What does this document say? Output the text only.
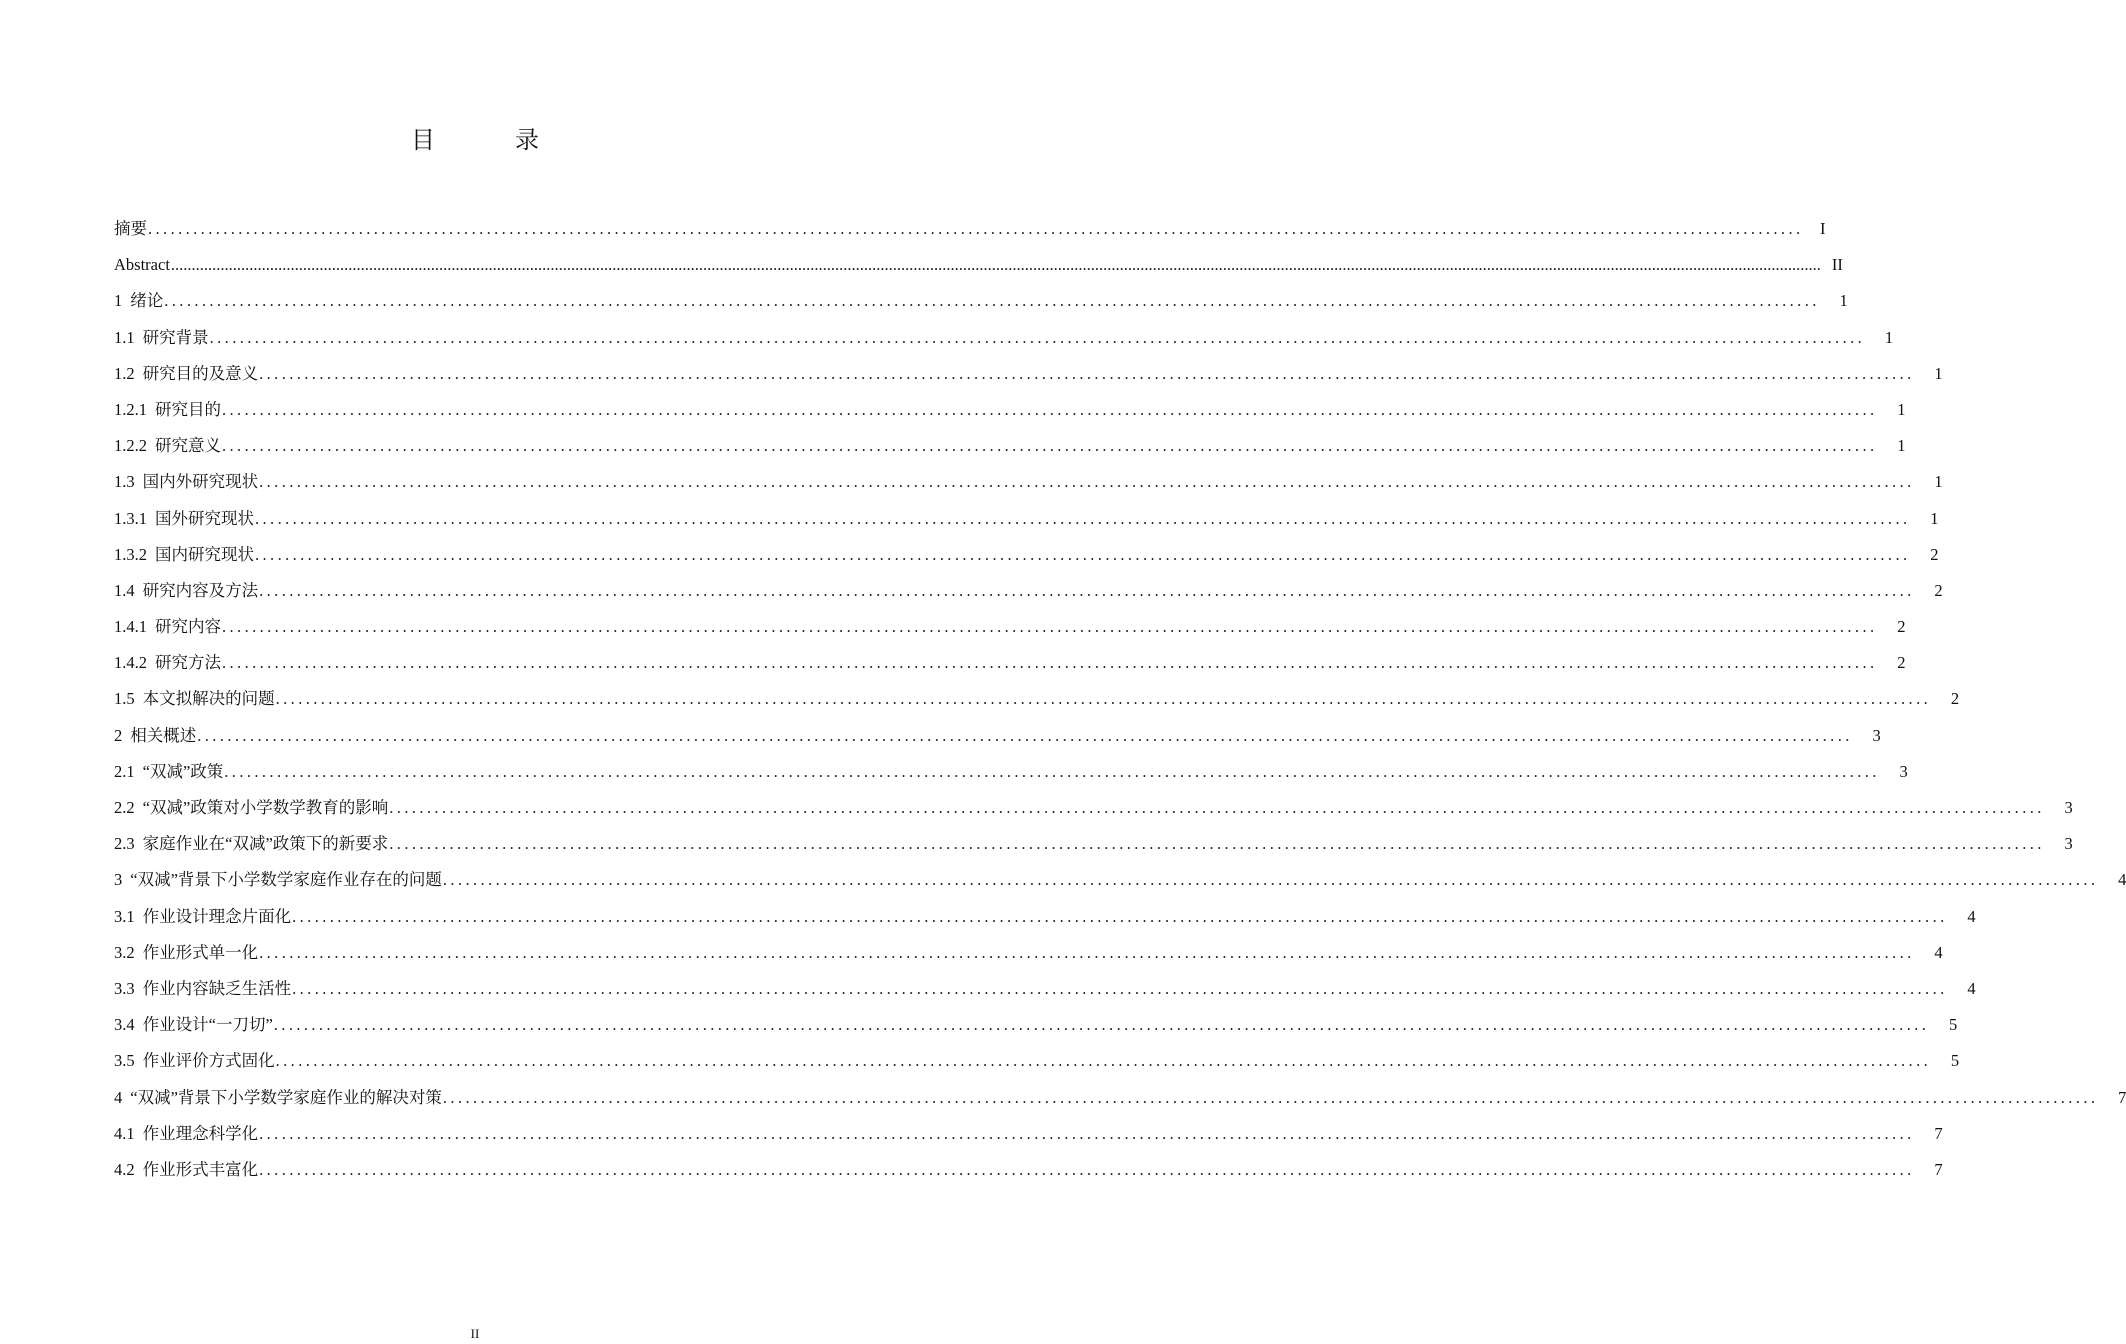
目　录
摘要 ............................................................................................................................................................................................................................	I
Abstract ................................................................................................................................................................................................................................................................................................................................................................................................................ II
1 绪论 ............................................................................................................................................................................................................................	1
1.1 研究背景 ............................................................................................................................................................................................................................	1
1.2 研究目的及意义 ............................................................................................................................................................................................................................	1
1.2.1 研究目的 ............................................................................................................................................................................................................................	1
1.2.2 研究意义 ............................................................................................................................................................................................................................	1
1.3 国内外研究现状 ............................................................................................................................................................................................................................	1
1.3.1 国外研究现状 ............................................................................................................................................................................................................................	1
1.3.2 国内研究现状 ............................................................................................................................................................................................................................	2
1.4 研究内容及方法 ............................................................................................................................................................................................................................	2
1.4.1 研究内容 ............................................................................................................................................................................................................................	2
1.4.2 研究方法 ............................................................................................................................................................................................................................	2
1.5 本文拟解决的问题 ............................................................................................................................................................................................................................	2
2 相关概述 ............................................................................................................................................................................................................................	3
2.1 “双减”政策 ............................................................................................................................................................................................................................	3
2.2 “双减”政策对小学数学教育的影响 ............................................................................................................................................................................................................................	3
2.3 家庭作业在“双减”政策下的新要求 ............................................................................................................................................................................................................................	3
3 “双减”背景下小学数学家庭作业存在的问题 ............................................................................................................................................................................................................................	4
3.1 作业设计理念片面化 ............................................................................................................................................................................................................................	4
3.2 作业形式单一化 ............................................................................................................................................................................................................................	4
3.3 作业内容缺乏生活性 ............................................................................................................................................................................................................................	4
3.4 作业设计“一刀切” ............................................................................................................................................................................................................................	5
3.5 作业评价方式固化 ............................................................................................................................................................................................................................	5
4 “双减”背景下小学数学家庭作业的解决对策 ............................................................................................................................................................................................................................	7
4.1 作业理念科学化 ............................................................................................................................................................................................................................	7
4.2 作业形式丰富化 ............................................................................................................................................................................................................................	7
II
